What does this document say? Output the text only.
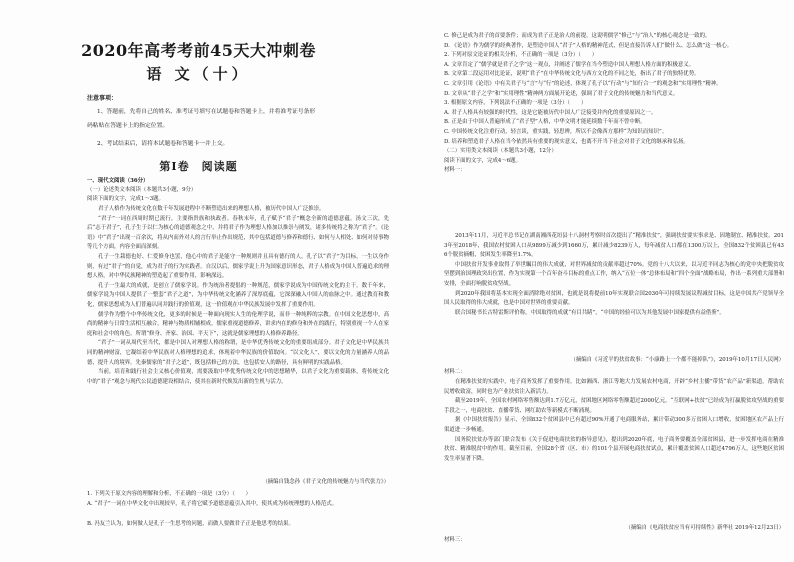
2020年高考考前45天大冲刺卷
语 文（十）
注意事项：
1、答题前，先将自己的姓名、准考证号填写在试题卷和答题卡上，并将准考证号条形
码粘贴在答题卡上的指定位置。
2、考试结束后，请将本试题卷和答题卡一并上交。
第Ⅰ卷　阅读题
一、现代文阅读（36分）
（一）论述类文本阅读（本题共3小题，9分）
阅读下面的文字，完成1～3题。

君子人格作为传统文化在数千年发展进程中不断塑造出来的理想人格，被历代中国人广泛推崇。

“君子”一词在西周时期已流行，主要指贵族和执政者。春秋末年，孔子赋予“君子”概念全新的道德意蕴。汤文三次，先后“志于君子”，孔子生于以仁为核心的道德观念之中，并将君子作为理想人格加以推崇与阐发，诸多传统将之称为“君子”。《论语》中“君子”出现一百余次，将从内而外对人的言行举止作出规范，其中包括道德与修养和德行、如何与人相处、如何对待事物等几个方面，内容全面而深刻。

孔子一生栽德也好、仁爱修身也罢，他心中的君子是能守一种规则并且具有德行的人。孔子以“君子”为目标，一生以身作则，有过“君子”的自觉，成为君子的行为实践者。自汉以后，儒家学说上升为国家意识形态，君子人格成为中国人普遍追求的理想人格，对中华民族精神的塑造起了重要作用，影响深远。

孔子一生最大的成就，是创立了儒家学说。作为统治者提倡的一种规范，儒家学说成为中国传统文化的主干。数千年来，儒家学说为中国人提供了一整套“君子之道”，为中华传统文化涵养了深厚底蕴，它深深融入中国人的血脉之中。通过教育和教化，儒家思想成为人们普遍认同并践行的价值观，这一价值观在中华民族发展中发挥了重要作用。

儒学作为整个中华传统文化，更多的时候是一种面向现实人生的伦理学说，而非一种纯粹的宗教。在中国文化思想中，高尚的精神与日常生活相互融合，精神与物质相辅相成。儒家重视道德修养，讲求内在的修身和外在的践行，特别重视一个人在家庭和社会中的角色。所谓“修身、齐家、治国、平天下”，这就是儒家理想的人格修养路径。

“君子”一词从周代至当代，都是中国人对理想人格的称谓，是中华优秀传统文化的重要组成部分。君子文化是中华民族共同的精神财富，它凝结着中华民族对人格理想的追求，体现着中华民族的价值取向。“以文化人”，要以文化的力量涵养人的品德，提升人的境界。先秦儒家的“君子之道”，既包括修己的方法，也包括安人的路径，具有鲜明的实践品格。

当前，培育和践行社会主义核心价值观，需要汲取中华优秀传统文化中的思想精华，以君子文化为重要载体，将传统文化中的“君子”观念与现代公民道德建设相结合，使其在新时代焕发出新的生机与活力。

（摘编自钱念孙《君子文化的传统魅力与当代张力》）
1. 下列关于原文内容的理解和分析，不正确的一项是（3分）（　　）
A. “君子”一词在中华文化中出现较早，孔子将它赋予道德意蕴引入其中，使其成为传统理想的人格范式。
B. 冯友兰认为，如何做人是孔子一生思考的问题，而做人要做君子正是他思考的结果。

C. 修己是成为君子的首要条件；而成为君子正是治人的前提，这说明儒学“修己”与“治人”的核心观念是一致的。

D. 《论语》作为儒学的经典著作，是塑造中国人“君子”人格的精神范式，但是直接告诉人们“做什么、怎么做”这一核心。

2. 下列对原文论证的相关分析，不正确的一项是（3分）（　　）

A. 文章肯定了“儒学就是君子之学”这一观点，并阐述了儒学在当今塑造中国人理想人格方面的积极意义。

B. 文章第二段运用对比论证，说明“君子”在中华传统文化与西方文化的不同之处，指出了君子的独特优势。

C. 文章引用《论语》中有关君子与“言”与“行”的论述，体现了孔子以“行动”与“知行合一”的观念和“实用理性”精神。

D. 文章从“君子之学”和“实用理性”精神两方面展开论述，强调了君子文化的传统魅力和当代意义。

3. 根据原文内容，下列说法不正确的一项是（3分）（　　）

A. 君子人格具有较强的时代性，这是它能被历代中国人广泛接受并内化的重要原因之一。

B. 正是由于中国人普遍形成了“君子型”人格，中华文明才能延续数千年而不曾中断。

C. 中国传统文化注重行动，轻言谈，重实践，轻思辨，所以不会像西方那样“为知识而知识”。

D. 培养和塑造君子人格在当今依然具有重要的现实意义，也离不开当下社会对君子文化的继承和弘扬。

（二）实用类文本阅读（本题共3小题，12分）

阅读下面的文字，完成4～6题。

材料一：

2013年11月，习近平总书记在湖南湘西花垣县十八洞村考察时首次提出了“精准扶贫”，强调扶贫要实事求是、因地制宜、精准扶贫。2013年至2018年，我国农村贫困人口从9899万减少到1660万，累计减少8239万人，每年减贫人口都在1300万以上，全国832个贫困县已有436个脱贫摘帽，贫困发生率降至1.7%。

中国扶贫开发事业取得了举世瞩目的伟大成就，对世界减贫的贡献率超过70%。党的十八大以来，以习近平同志为核心的党中央把脱贫攻坚摆到治国理政突出位置，作为实现第一个百年奋斗目标的重点工作，纳入“五位一体”总体布局和“四个全面”战略布局，作出一系列重大部署和安排，全面打响脱贫攻坚战。

到2020年我国将基本实现全面消除绝对贫困，也就是说将提前10年实现联合国2030年可持续发展议程减贫目标，这是中国共产党领导全国人民取得的伟大成就，也是中国对世界的重要贡献。

联合国秘书长古特雷斯评价称，中国取得的成就“有目共睹”，“中国的经验可以为其他发展中国家提供有益借鉴”。

（摘编自《习近平的扶贫故事：“小康路上一个都不能掉队”》，2019年10月17日人民网）
材料二：

在精准扶贫的实践中，电子商务发挥了重要作用。比如湘西、浙江等地大力发展农村电商，开辟“乡村主播”带货“农产品”新渠道，帮助农民增收致富，同时也为产业扶贫注入新活力。

截至2019年，全国农村网络零售额达到1.7万亿元，贫困地区网络零售额超过2000亿元。“互联网+扶贫”已经成为打赢脱贫攻坚战的重要手段之一，电商扶贫、直播带货、网红助农等新模式不断涌现。

据《中国扶贫报告》显示，全国832个贫困县中已有超过90%开通了电商服务站，累计带动300多万贫困人口增收，贫困地区农产品上行渠道进一步畅通。

国务院扶贫办等部门联合发布《关于促进电商扶贫的指导意见》，提出到2020年底，电子商务要覆盖全部贫困县，进一步发挥电商在精准扶贫、精准脱贫中的作用。截至目前，全国28个省（区、市）的101个县开展电商扶贫试点，累计覆盖贫困人口超过4796万人，这些地区贫困发生率显著下降。

（摘编自《电商扶贫应当有可持续性》新华社 2019年12月23日）
材料三：
